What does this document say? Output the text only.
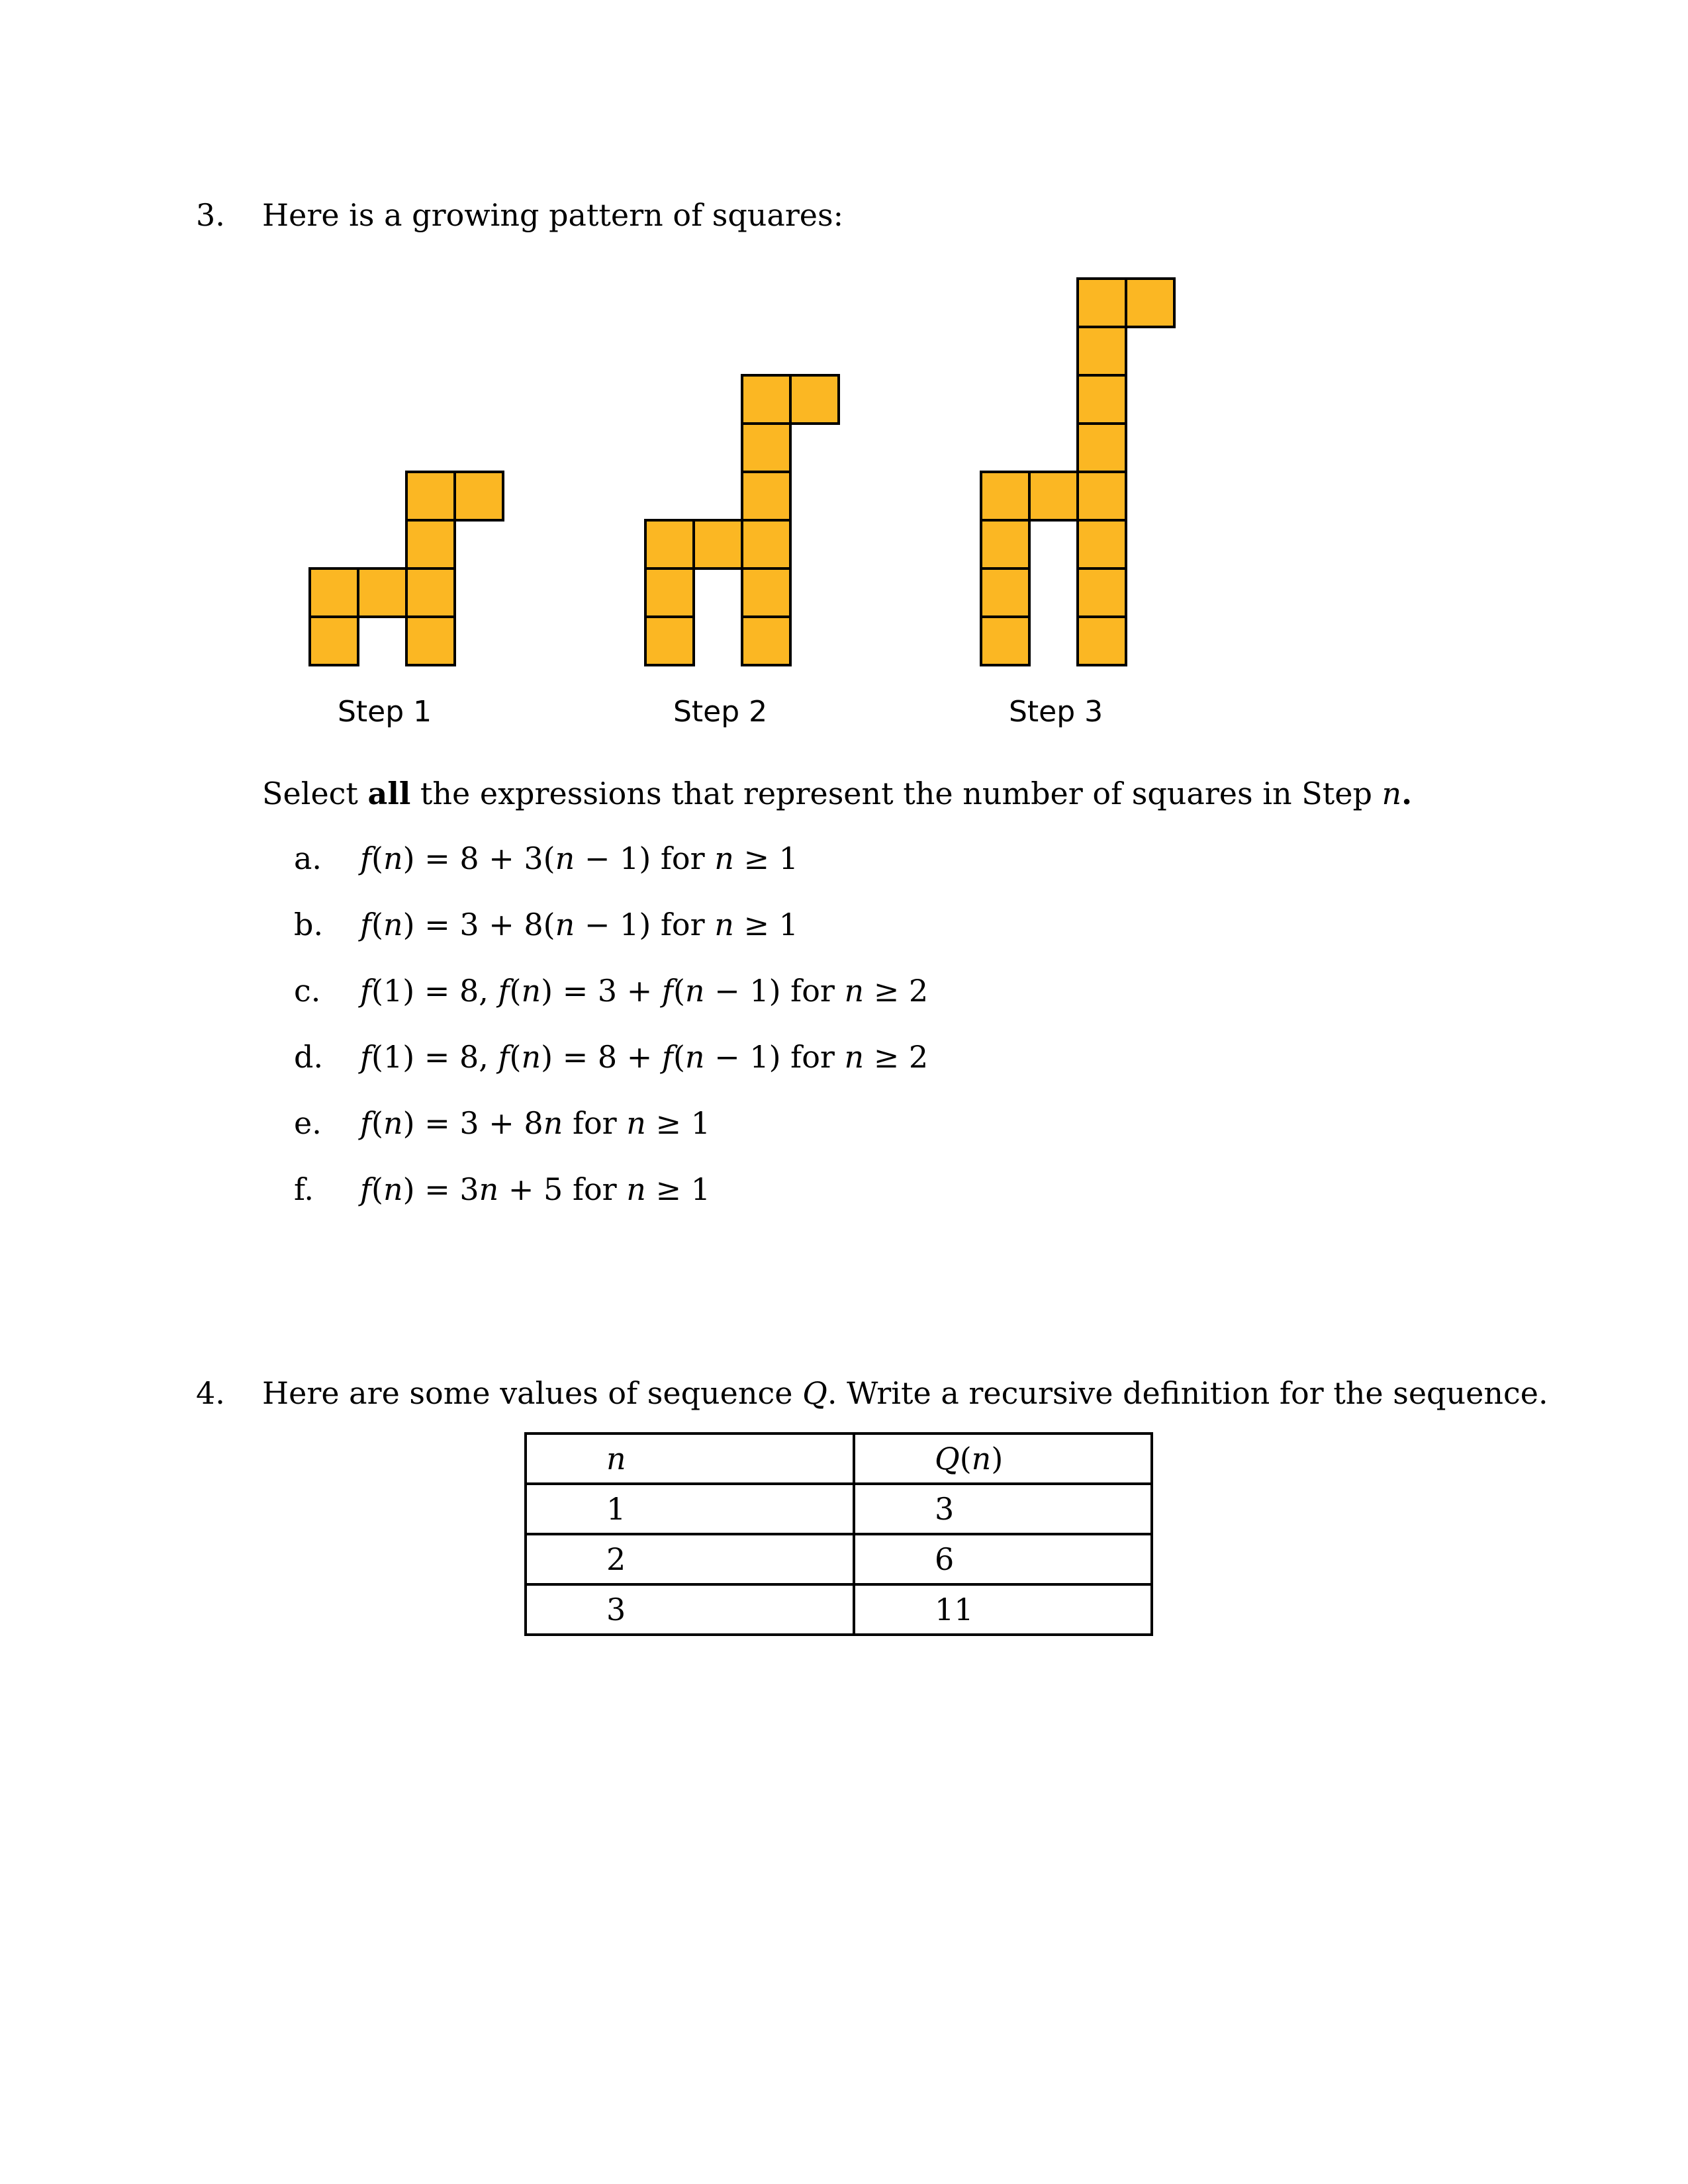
3. Here is a growing pattern of squares:
Step 1	Step 2	Step 3
Select all the expressions that represent the number of squares in Step n.
a. f(n) = 8 + 3(n − 1) for n ≥ 1
b. f(n) = 3 + 8(n − 1) for n ≥ 1
c. f(1) = 8, f(n) = 3 + f(n − 1) for n ≥ 2
d. f(1) = 8, f(n) = 8 + f(n − 1) for n ≥ 2
e. f(n) = 3 + 8n for n ≥ 1
f. f(n) = 3n + 5 for n ≥ 1
4. Here are some values of sequence Q. Write a recursive definition for the sequence.
n	Q(n)
1	3
2	6
3	11
